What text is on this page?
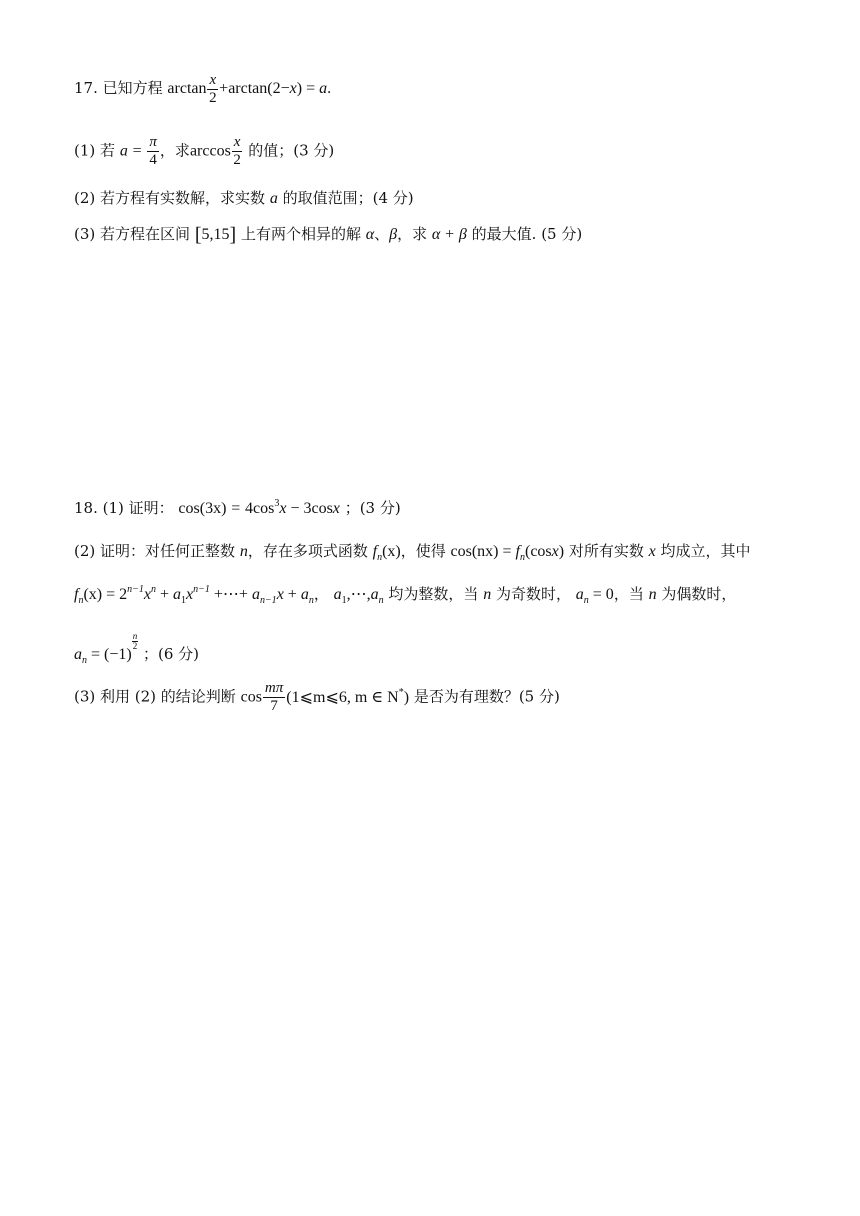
17. 已知方程 $\arctan \frac{x}{2} +\arctan(2-x) = a$.
(1) 若 $a = \frac{\pi}{4}$ ，求$\arccos \frac{x}{2}$ 的值；(3 分)
(2) 若方程有实数解，求实数 a 的取值范围；(4 分)
(3) 若方程在区间 [5,15] 上有两个相异的解 α、β，求 α + β 的最大值. (5 分)
18. (1) 证明： $\cos(3x) = 4\cos^3x - 3\cos x$ ；(3 分)
(2) 证明：对任何正整数 n，存在多项式函数 $f_n(x)$，使得 $\cos(nx) = f_n(\cos x)$ 对所有实数 x 均成立，其中
$f_n(x) = 2^{n-1}x^n + a_1x^{n-1}$ +⋯+ $a_{n-1}x + a_n$， $a_1,\cdots,a_n$ 均为整数，当 n 为奇数时， $a_n = 0$，当 n 为偶数时，
$a_n = (-1)$
$\frac{n}{2}$
；(6 分)
(3) 利用 (2) 的结论判断 $\cos \frac{m\pi}{7}$ (1⩽m⩽6, m ∈ N*) 是否为有理数？(5 分)
